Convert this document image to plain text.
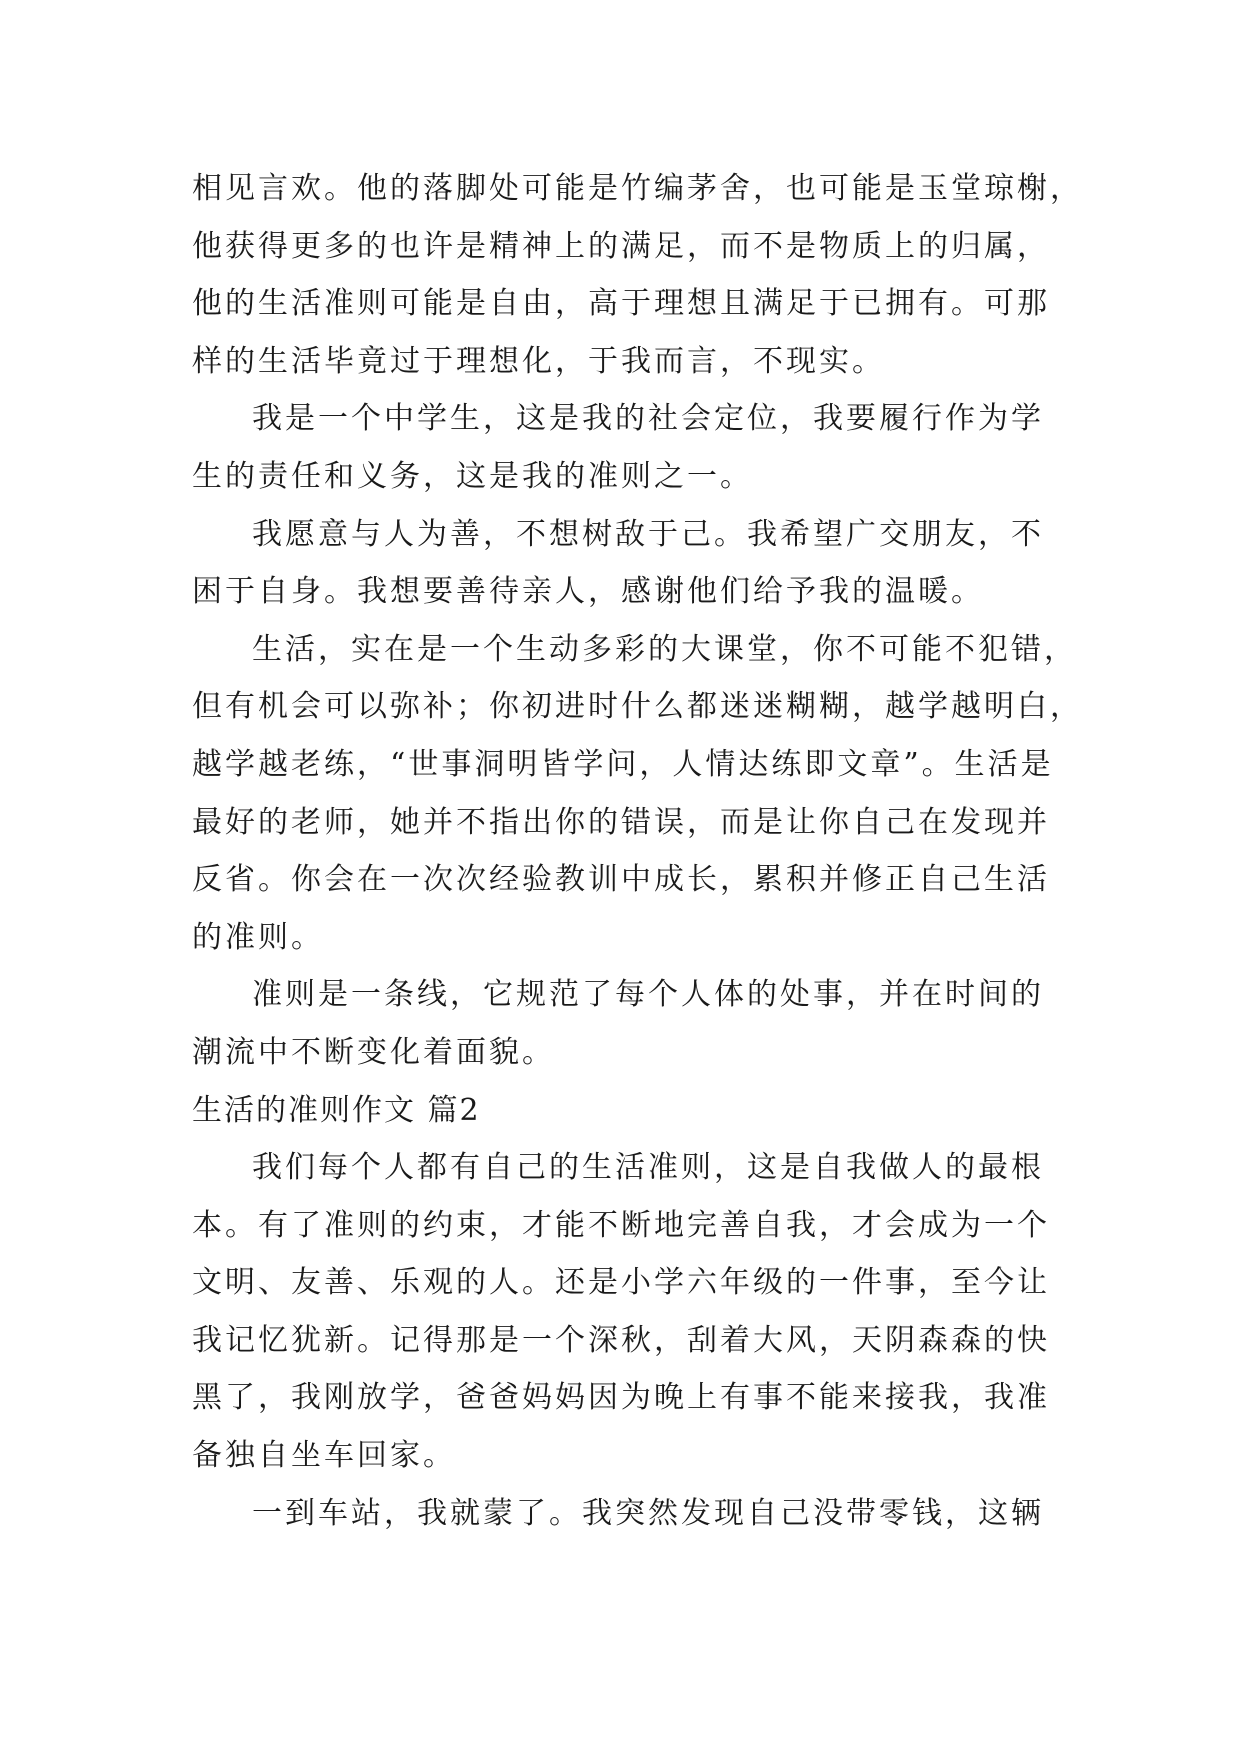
相见言欢。他的落脚处可能是竹编茅舍，也可能是玉堂琼榭，
他获得更多的也许是精神上的满足，而不是物质上的归属，
他的生活准则可能是自由，高于理想且满足于已拥有。可那
样的生活毕竟过于理想化，于我而言，不现实。
我是一个中学生，这是我的社会定位，我要履行作为学
生的责任和义务，这是我的准则之一。
我愿意与人为善，不想树敌于己。我希望广交朋友，不
困于自身。我想要善待亲人，感谢他们给予我的温暖。
生活，实在是一个生动多彩的大课堂，你不可能不犯错，
但有机会可以弥补；你初进时什么都迷迷糊糊，越学越明白，
越学越老练，“世事洞明皆学问，人情达练即文章”。生活是
最好的老师，她并不指出你的错误，而是让你自己在发现并
反省。你会在一次次经验教训中成长，累积并修正自己生活
的准则。
准则是一条线，它规范了每个人体的处事，并在时间的
潮流中不断变化着面貌。
生活的准则作文 篇2
我们每个人都有自己的生活准则，这是自我做人的最根
本。有了准则的约束，才能不断地完善自我，才会成为一个
文明、友善、乐观的人。还是小学六年级的一件事，至今让
我记忆犹新。记得那是一个深秋，刮着大风，天阴森森的快
黑了，我刚放学，爸爸妈妈因为晚上有事不能来接我，我准
备独自坐车回家。
一到车站，我就蒙了。我突然发现自己没带零钱，这辆
